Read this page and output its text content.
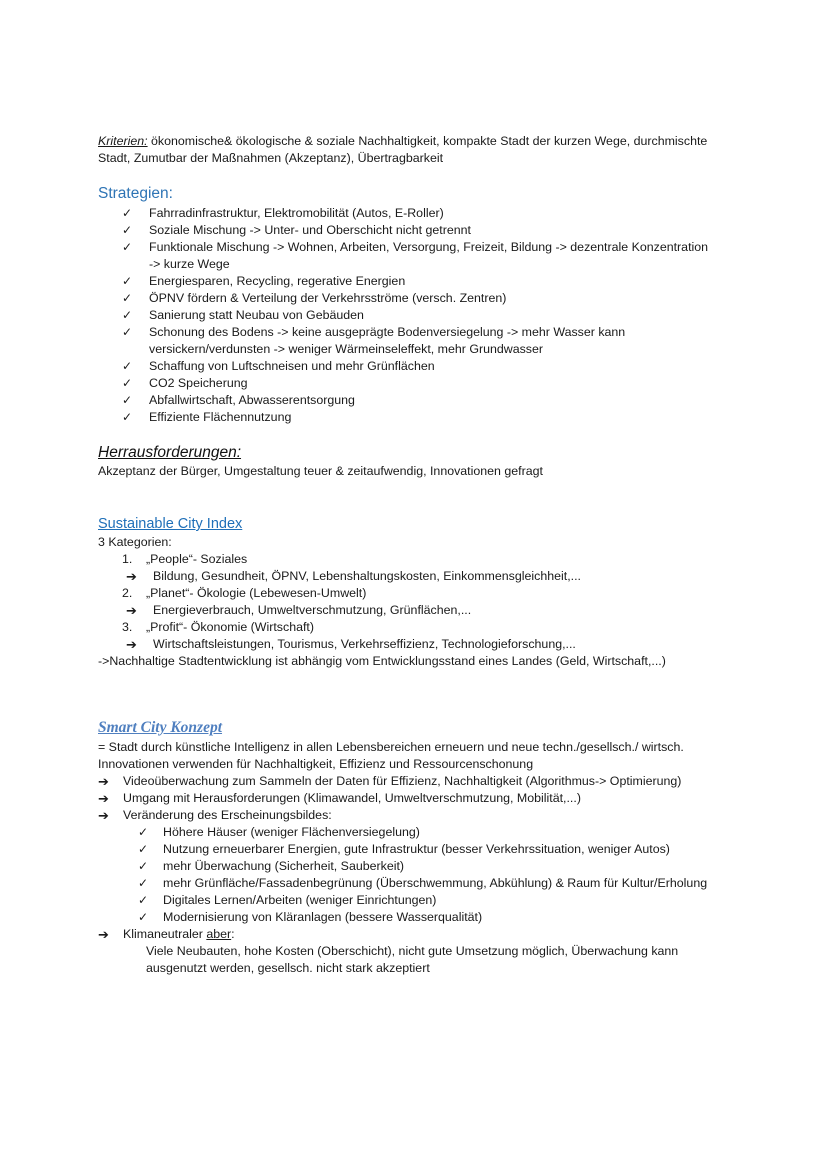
Kriterien: ökonomische& ökologische & soziale Nachhaltigkeit, kompakte Stadt der kurzen Wege, durchmischte
Stadt, Zumutbar der Maßnahmen (Akzeptanz), Übertragbarkeit
Strategien:
✓ Fahrradinfrastruktur, Elektromobilität (Autos, E-Roller)
✓ Soziale Mischung -> Unter- und Oberschicht nicht getrennt
✓ Funktionale Mischung -> Wohnen, Arbeiten, Versorgung, Freizeit, Bildung -> dezentrale Konzentration
-> kurze Wege
✓ Energiesparen, Recycling, regerative Energien
✓ ÖPNV fördern & Verteilung der Verkehrsströme (versch. Zentren)
✓ Sanierung statt Neubau von Gebäuden
✓ Schonung des Bodens -> keine ausgeprägte Bodenversiegelung -> mehr Wasser kann
versickern/verdunsten -> weniger Wärmeinseleffekt, mehr Grundwasser
✓ Schaffung von Luftschneisen und mehr Grünflächen
✓ CO2 Speicherung
✓ Abfallwirtschaft, Abwasserentsorgung
✓ Effiziente Flächennutzung
Herrausforderungen:
Akzeptanz der Bürger, Umgestaltung teuer & zeitaufwendig, Innovationen gefragt
Sustainable City Index
3 Kategorien:
1. „People“- Soziales
➔ Bildung, Gesundheit, ÖPNV, Lebenshaltungskosten, Einkommensgleichheit,...
2. „Planet“- Ökologie (Lebewesen-Umwelt)
➔ Energieverbrauch, Umweltverschmutzung, Grünflächen,...
3. „Profit“- Ökonomie (Wirtschaft)
➔ Wirtschaftsleistungen, Tourismus, Verkehrseffizienz, Technologieforschung,...
->Nachhaltige Stadtentwicklung ist abhängig vom Entwicklungsstand eines Landes (Geld, Wirtschaft,...)
Smart City Konzept
= Stadt durch künstliche Intelligenz in allen Lebensbereichen erneuern und neue techn./gesellsch./ wirtsch.
Innovationen verwenden für Nachhaltigkeit, Effizienz und Ressourcenschonung
➔ Videoüberwachung zum Sammeln der Daten für Effizienz, Nachhaltigkeit (Algorithmus-> Optimierung)
➔ Umgang mit Herausforderungen (Klimawandel, Umweltverschmutzung, Mobilität,...)
➔ Veränderung des Erscheinungsbildes:
✓ Höhere Häuser (weniger Flächenversiegelung)
✓ Nutzung erneuerbarer Energien, gute Infrastruktur (besser Verkehrssituation, weniger Autos)
✓ mehr Überwachung (Sicherheit, Sauberkeit)
✓ mehr Grünfläche/Fassadenbegrünung (Überschwemmung, Abkühlung) & Raum für Kultur/Erholung
✓ Digitales Lernen/Arbeiten (weniger Einrichtungen)
✓ Modernisierung von Kläranlagen (bessere Wasserqualität)
➔ Klimaneutraler aber:
Viele Neubauten, hohe Kosten (Oberschicht), nicht gute Umsetzung möglich, Überwachung kann
ausgenutzt werden, gesellsch. nicht stark akzeptiert
